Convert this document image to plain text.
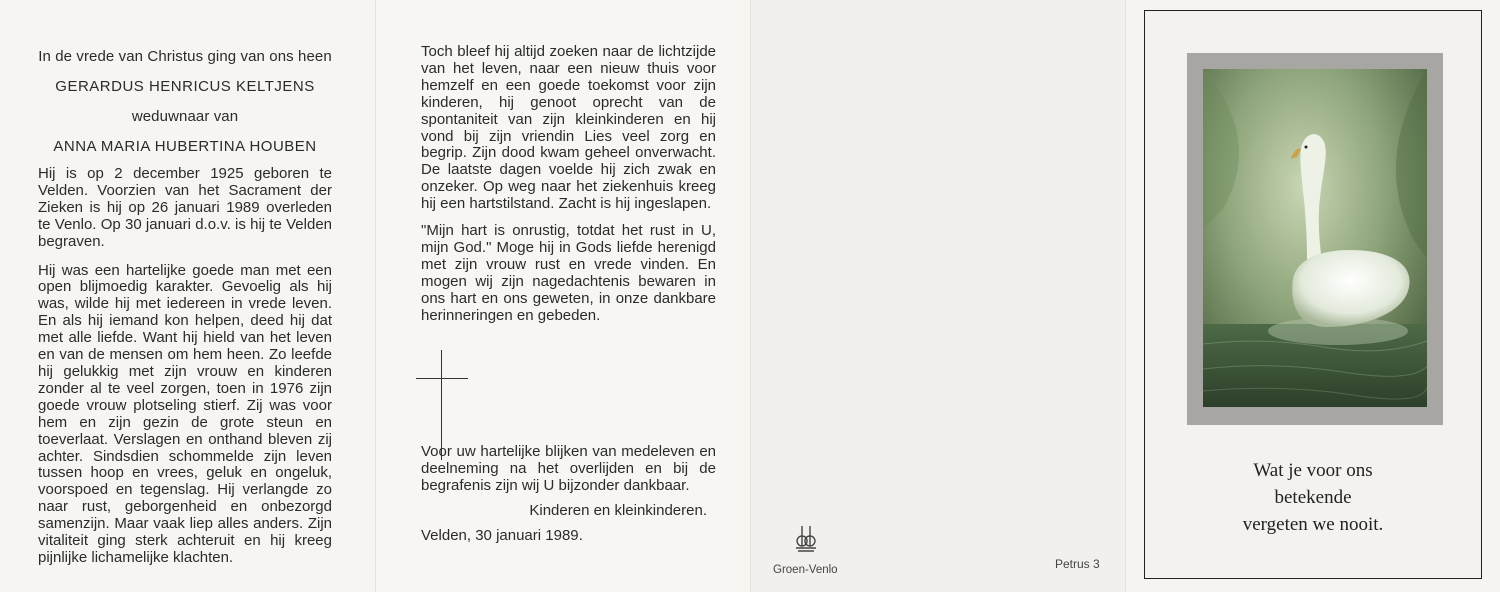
In de vrede van Christus ging van ons heen
GERARDUS HENRICUS KELTJENS
weduwnaar van
ANNA MARIA HUBERTINA HOUBEN

Hij is op 2 december 1925 geboren te Velden. Voorzien van het Sacrament der Zieken is hij op 26 januari 1989 overleden te Venlo. Op 30 januari d.o.v. is hij te Velden begraven.

Hij was een hartelijke goede man met een open blijmoedig karakter. Gevoelig als hij was, wilde hij met iedereen in vrede leven. En als hij iemand kon helpen, deed hij dat met alle liefde. Want hij hield van het leven en van de mensen om hem heen. Zo leefde hij gelukkig met zijn vrouw en kinderen zonder al te veel zorgen, toen in 1976 zijn goede vrouw plotseling stierf. Zij was voor hem en zijn gezin de grote steun en toeverlaat. Verslagen en onthand bleven zij achter. Sindsdien schommelde zijn leven tussen hoop en vrees, geluk en ongeluk, voorspoed en tegenslag. Hij verlangde zo naar rust, geborgenheid en onbezorgd samenzijn. Maar vaak liep alles anders. Zijn vitaliteit ging sterk achteruit en hij kreeg pijnlijke lichamelijke klachten.

Toch bleef hij altijd zoeken naar de lichtzijde van het leven, naar een nieuw thuis voor hemzelf en een goede toekomst voor zijn kinderen, hij genoot oprecht van de spontaniteit van zijn kleinkinderen en hij vond bij zijn vriendin Lies veel zorg en begrip. Zijn dood kwam geheel onverwacht. De laatste dagen voelde hij zich zwak en onzeker. Op weg naar het ziekenhuis kreeg hij een hartstilstand. Zacht is hij ingeslapen.

"Mijn hart is onrustig, totdat het rust in U, mijn God." Moge hij in Gods liefde herenigd met zijn vrouw rust en vrede vinden. En mogen wij zijn nagedachtenis bewaren in ons hart en ons geweten, in onze dankbare herinneringen en gebeden.

Voor uw hartelijke blijken van medeleven en deelneming na het overlijden en bij de begrafenis zijn wij U bijzonder dankbaar.

Kinderen en kleinkinderen.
Velden, 30 januari 1989.
Groen-Venlo	Petrus 3
Wat je voor ons
betekende
vergeten we nooit.
